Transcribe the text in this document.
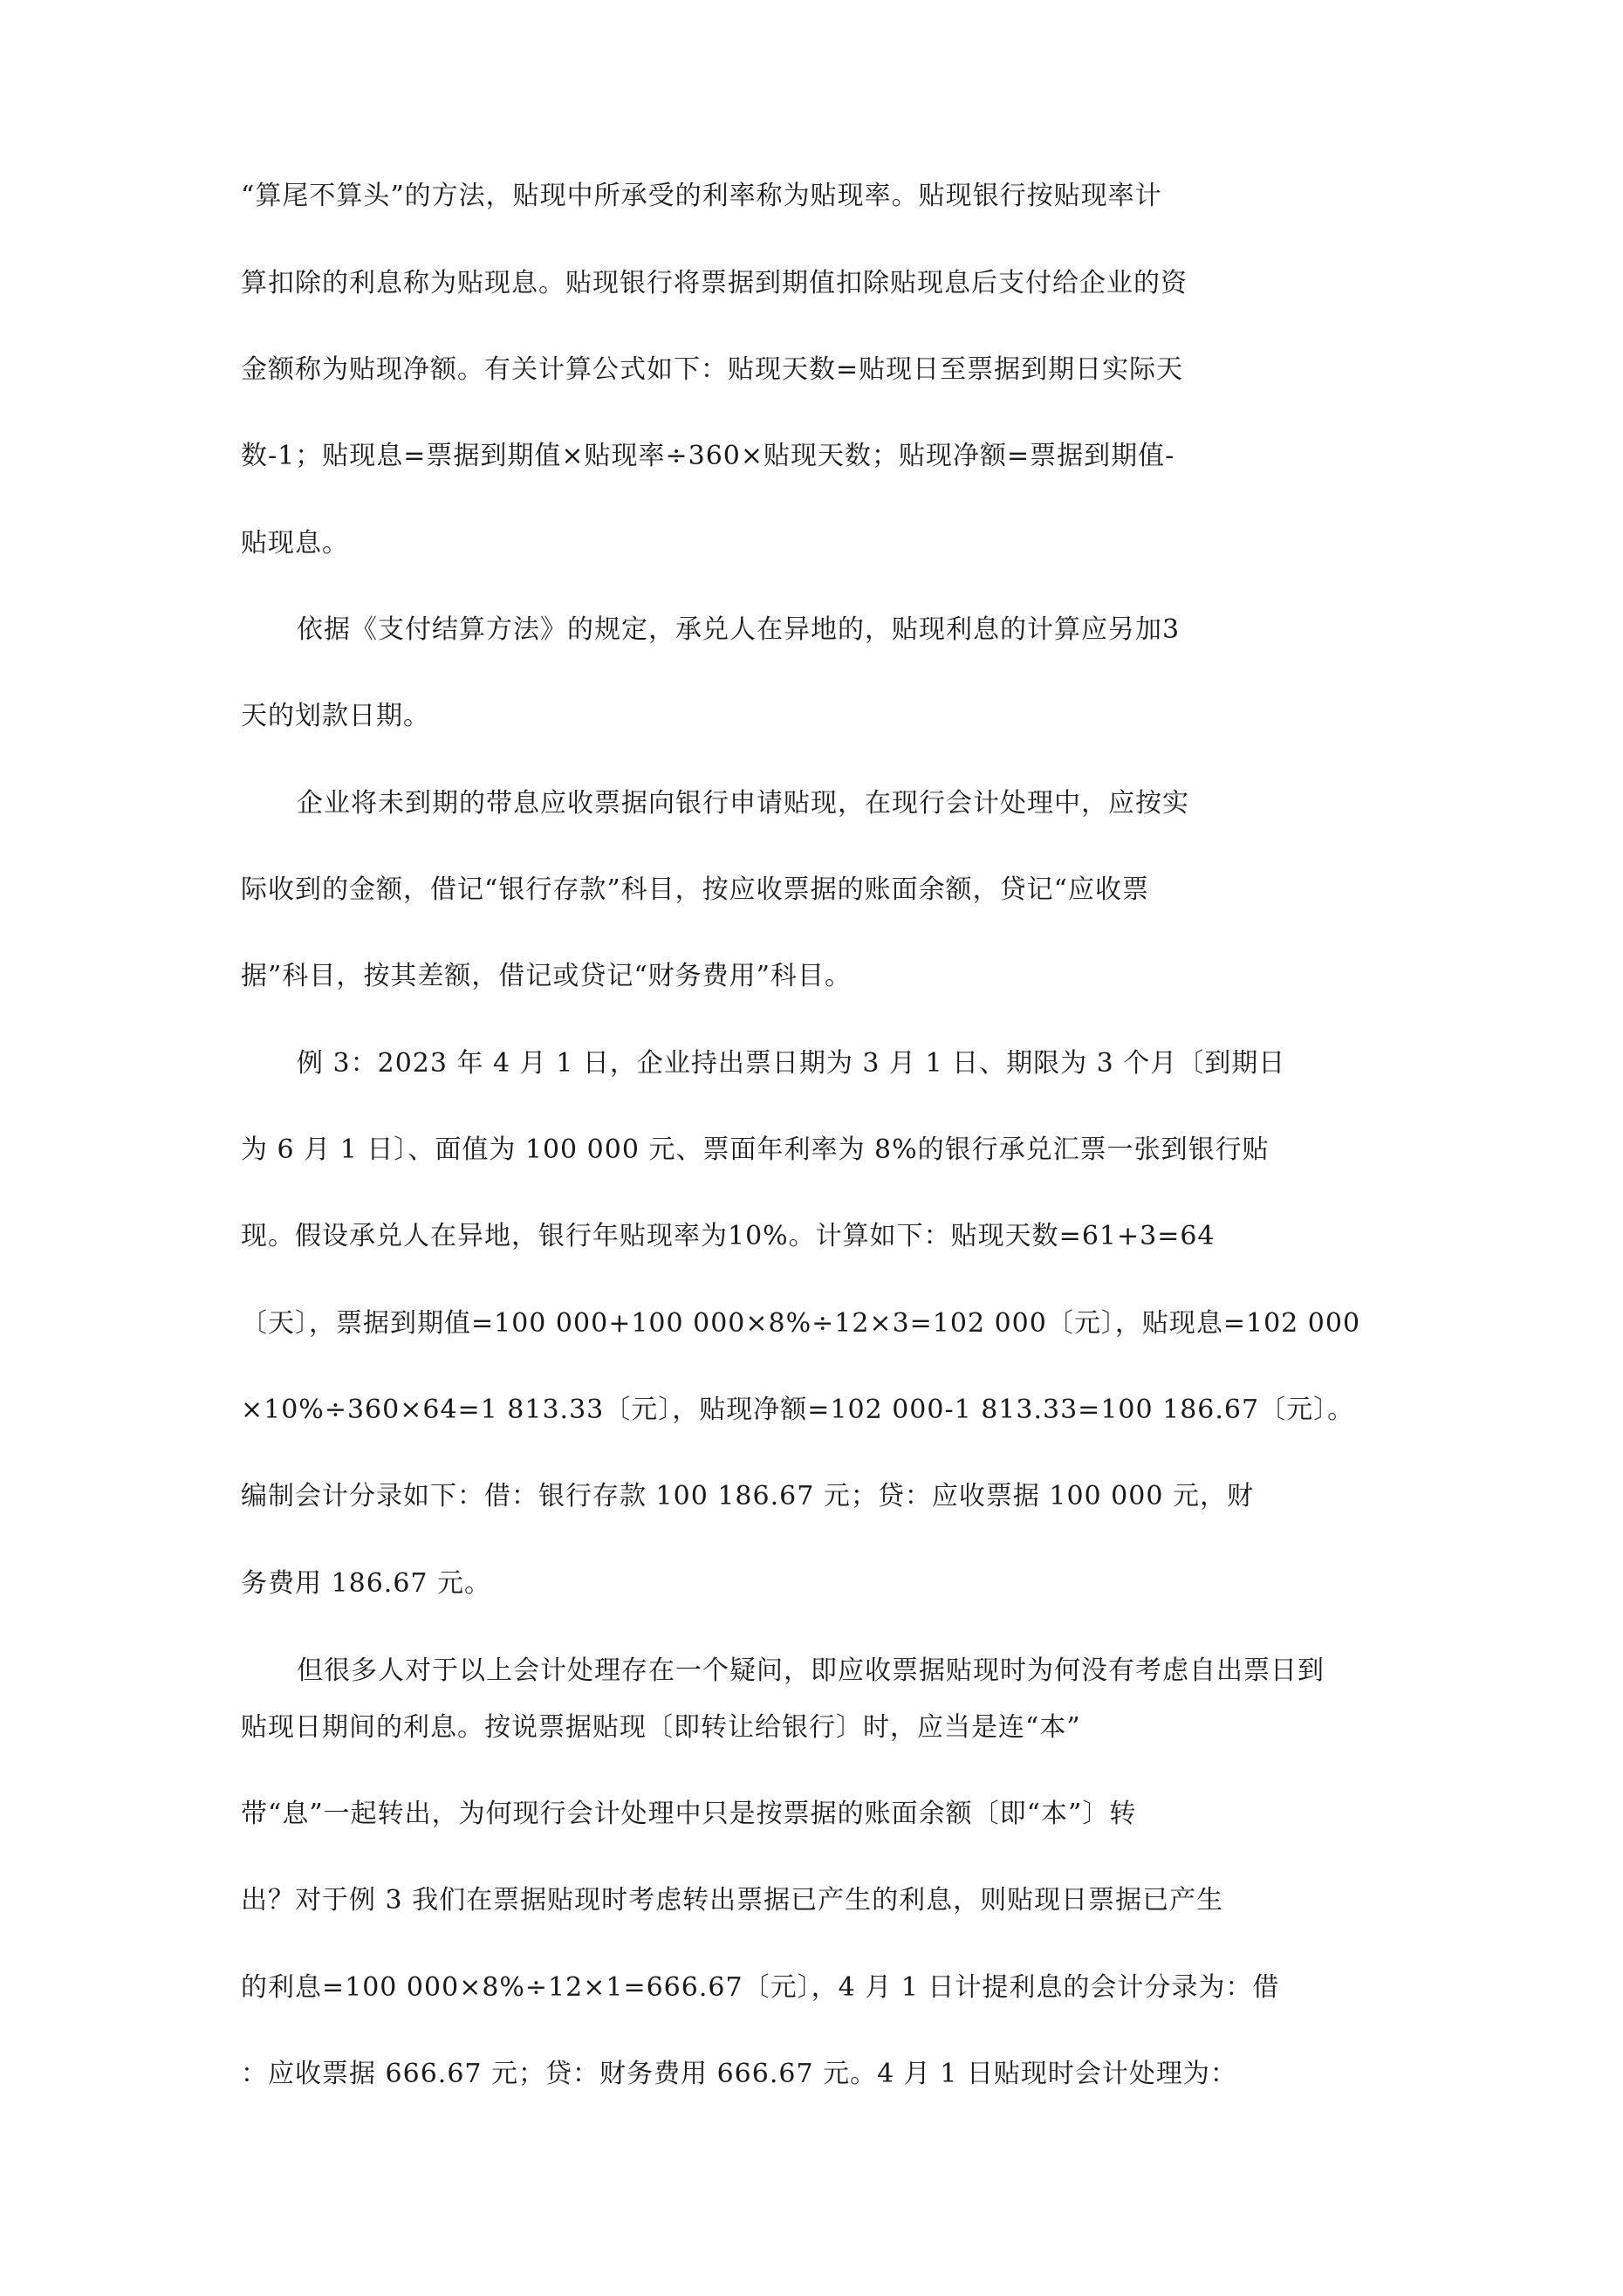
“算尾不算头”的方法，贴现中所承受的利率称为贴现率。贴现银行按贴现率计
算扣除的利息称为贴现息。贴现银行将票据到期值扣除贴现息后支付给企业的资
金额称为贴现净额。有关计算公式如下：贴现天数=贴现日至票据到期日实际天
数-1；贴现息=票据到期值×贴现率÷360×贴现天数；贴现净额=票据到期值-
贴现息。
依据《支付结算方法》的规定，承兑人在异地的，贴现利息的计算应另加3
天的划款日期。
企业将未到期的带息应收票据向银行申请贴现，在现行会计处理中，应按实
际收到的金额，借记“银行存款”科目，按应收票据的账面余额，贷记“应收票
据”科目，按其差额，借记或贷记“财务费用”科目。
例 3：2023 年 4 月 1 日，企业持出票日期为 3 月 1 日、期限为 3 个月〔到期日
为 6 月 1 日〕、面值为 100 000 元、票面年利率为 8%的银行承兑汇票一张到银行贴
现。假设承兑人在异地，银行年贴现率为10%。计算如下：贴现天数=61+3=64
〔天〕，票据到期值=100 000+100 000×8%÷12×3=102 000〔元〕，贴现息=102 000
×10%÷360×64=1 813.33〔元〕，贴现净额=102 000-1 813.33=100 186.67〔元〕。
编制会计分录如下：借：银行存款 100 186.67 元；贷：应收票据 100 000 元，财
务费用 186.67 元。
但很多人对于以上会计处理存在一个疑问，即应收票据贴现时为何没有考虑自出票日到
贴现日期间的利息。按说票据贴现〔即转让给银行〕时，应当是连“本”
带“息”一起转出，为何现行会计处理中只是按票据的账面余额〔即“本”〕转
出？对于例 3 我们在票据贴现时考虑转出票据已产生的利息，则贴现日票据已产生
的利息=100 000×8%÷12×1=666.67〔元〕，4 月 1 日计提利息的会计分录为：借
：应收票据 666.67 元；贷：财务费用 666.67 元。4 月 1 日贴现时会计处理为：
